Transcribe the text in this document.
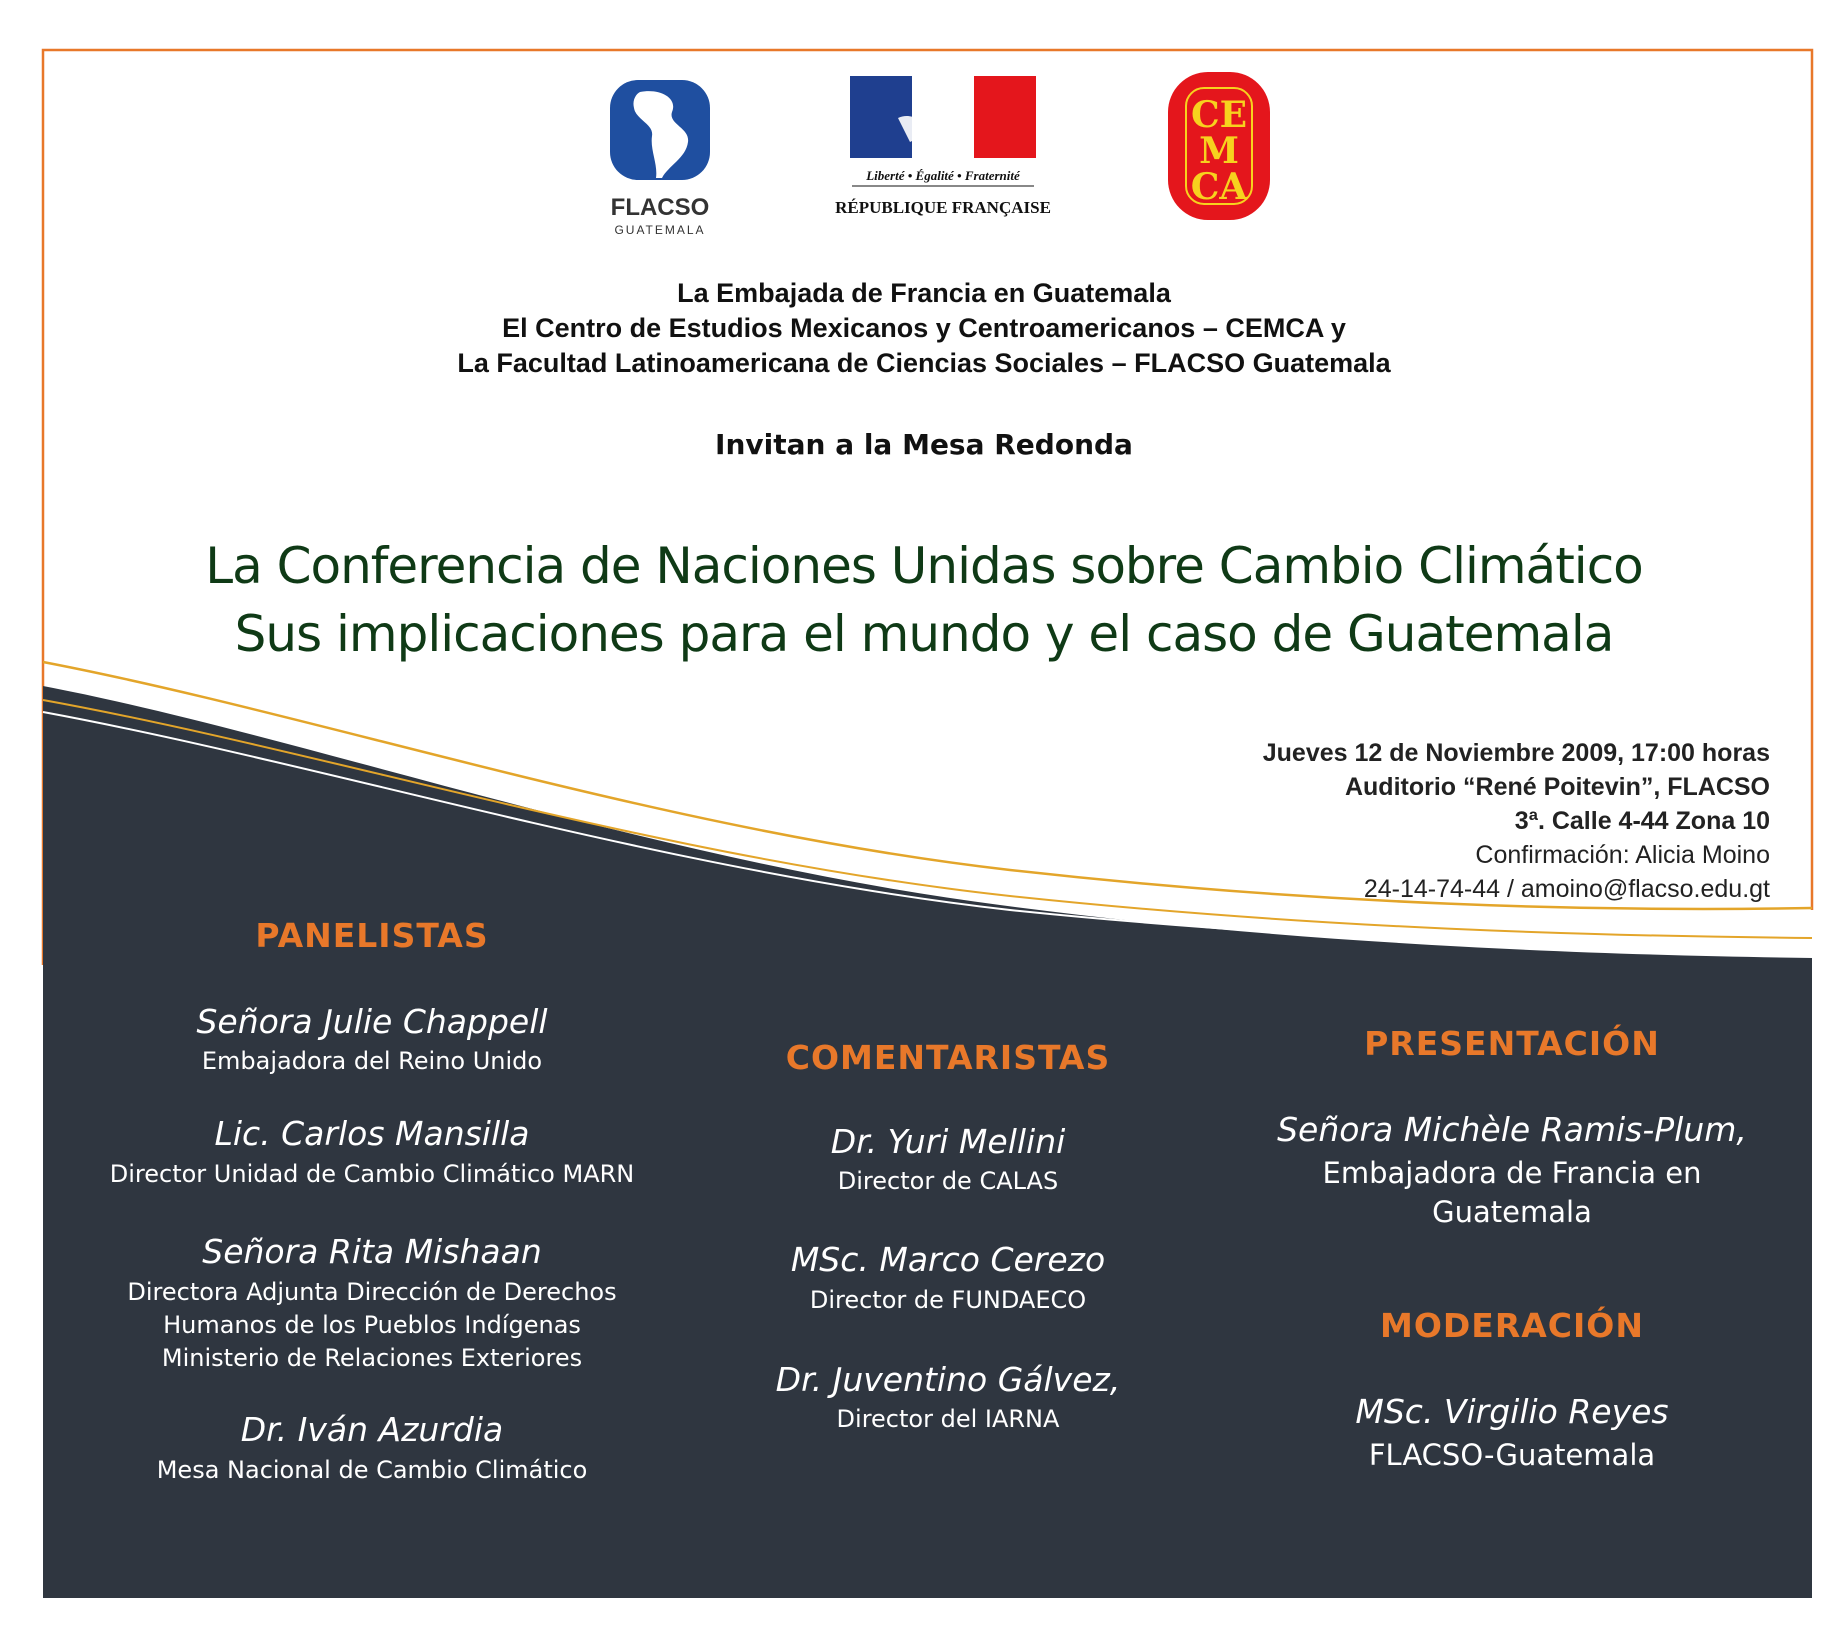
FLACSO
GUATEMALA
Liberté • Égalité • Fraternité
RÉPUBLIQUE FRANÇAISE
CE
M
CA
La Embajada de Francia en Guatemala
El Centro de Estudios Mexicanos y Centroamericanos – CEMCA y
La Facultad Latinoamericana de Ciencias Sociales – FLACSO Guatemala
Invitan a la Mesa Redonda
La Conferencia de Naciones Unidas sobre Cambio Climático
Sus implicaciones para el mundo y el caso de Guatemala
Jueves 12 de Noviembre 2009, 17:00 horas
Auditorio “René Poitevin”, FLACSO
3ª. Calle 4-44 Zona 10
Confirmación: Alicia Moino
24-14-74-44 / amoino@flacso.edu.gt
PANELISTAS
Señora Julie Chappell
Embajadora del Reino Unido
Lic. Carlos Mansilla
Director Unidad de Cambio Climático MARN
Señora Rita Mishaan
Directora Adjunta Dirección de Derechos
Humanos de los Pueblos Indígenas
Ministerio de Relaciones Exteriores
Dr. Iván Azurdia
Mesa Nacional de Cambio Climático
COMENTARISTAS
Dr. Yuri Mellini
Director de CALAS
MSc. Marco Cerezo
Director de FUNDAECO
Dr. Juventino Gálvez,
Director del IARNA
PRESENTACIÓN
Señora Michèle Ramis-Plum,
Embajadora de Francia en
Guatemala
MODERACIÓN
MSc. Virgilio Reyes
FLACSO-Guatemala
